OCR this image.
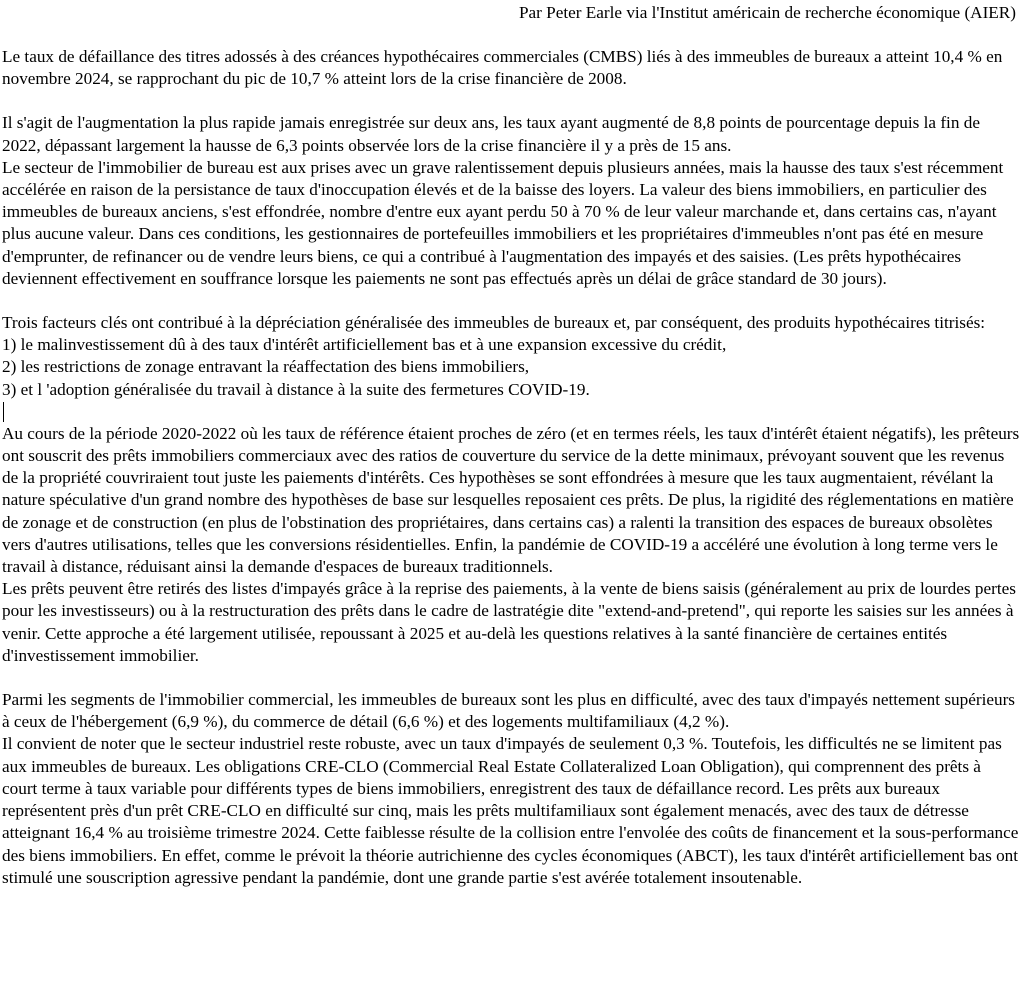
Par Peter Earle via l'Institut américain de recherche économique (AIER)

Le taux de défaillance des titres adossés à des créances hypothécaires commerciales (CMBS) liés à des immeubles de bureaux a atteint 10,4 % en novembre 2024, se rapprochant du pic de 10,7 % atteint lors de la crise financière de 2008.

Il s'agit de l'augmentation la plus rapide jamais enregistrée sur deux ans, les taux ayant augmenté de 8,8 points de pourcentage depuis la fin de 2022, dépassant largement la hausse de 6,3 points observée lors de la crise financière il y a près de 15 ans.

Le secteur de l'immobilier de bureau est aux prises avec un grave ralentissement depuis plusieurs années, mais la hausse des taux s'est récemment accélérée en raison de la persistance de taux d'inoccupation élevés et de la baisse des loyers. La valeur des biens immobiliers, en particulier des immeubles de bureaux anciens, s'est effondrée, nombre d'entre eux ayant perdu 50 à 70 % de leur valeur marchande et, dans certains cas, n'ayant plus aucune valeur. Dans ces conditions, les gestionnaires de portefeuilles immobiliers et les propriétaires d'immeubles n'ont pas été en mesure d'emprunter, de refinancer ou de vendre leurs biens, ce qui a contribué à l'augmentation des impayés et des saisies. (Les prêts hypothécaires deviennent effectivement en souffrance lorsque les paiements ne sont pas effectués après un délai de grâce standard de 30 jours).

Trois facteurs clés ont contribué à la dépréciation généralisée des immeubles de bureaux et, par conséquent, des produits hypothécaires titrisés:

1) le malinvestissement dû à des taux d'intérêt artificiellement bas et à une expansion excessive du crédit,

2) les restrictions de zonage entravant la réaffectation des biens immobiliers,

3) et l 'adoption généralisée du travail à distance à la suite des fermetures COVID-19.

Au cours de la période 2020-2022 où les taux de référence étaient proches de zéro (et en termes réels, les taux d'intérêt étaient négatifs), les prêteurs ont souscrit des prêts immobiliers commerciaux avec des ratios de couverture du service de la dette minimaux, prévoyant souvent que les revenus de la propriété couvriraient tout juste les paiements d'intérêts. Ces hypothèses se sont effondrées à mesure que les taux augmentaient, révélant la nature spéculative d'un grand nombre des hypothèses de base sur lesquelles reposaient ces prêts. De plus, la rigidité des réglementations en matière de zonage et de construction (en plus de l'obstination des propriétaires, dans certains cas) a ralenti la transition des espaces de bureaux obsolètes vers d'autres utilisations, telles que les conversions résidentielles. Enfin, la pandémie de COVID-19 a accéléré une évolution à long terme vers le travail à distance, réduisant ainsi la demande d'espaces de bureaux traditionnels.

Les prêts peuvent être retirés des listes d'impayés grâce à la reprise des paiements, à la vente de biens saisis (généralement au prix de lourdes pertes pour les investisseurs) ou à la restructuration des prêts dans le cadre de lastratégie dite "extend-and-pretend", qui reporte les saisies sur les années à venir. Cette approche a été largement utilisée, repoussant à 2025 et au-delà les questions relatives à la santé financière de certaines entités d'investissement immobilier.

Parmi les segments de l'immobilier commercial, les immeubles de bureaux sont les plus en difficulté, avec des taux d'impayés nettement supérieurs à ceux de l'hébergement (6,9 %), du commerce de détail (6,6 %) et des logements multifamiliaux (4,2 %).

Il convient de noter que le secteur industriel reste robuste, avec un taux d'impayés de seulement 0,3 %. Toutefois, les difficultés ne se limitent pas aux immeubles de bureaux. Les obligations CRE-CLO (Commercial Real Estate Collateralized Loan Obligation), qui comprennent des prêts à court terme à taux variable pour différents types de biens immobiliers, enregistrent des taux de défaillance record. Les prêts aux bureaux représentent près d'un prêt CRE-CLO en difficulté sur cinq, mais les prêts multifamiliaux sont également menacés, avec des taux de détresse atteignant 16,4 % au troisième trimestre 2024. Cette faiblesse résulte de la collision entre l'envolée des coûts de financement et la sous-performance des biens immobiliers. En effet, comme le prévoit la théorie autrichienne des cycles économiques (ABCT), les taux d'intérêt artificiellement bas ont stimulé une souscription agressive pendant la pandémie, dont une grande partie s'est avérée totalement insoutenable.
